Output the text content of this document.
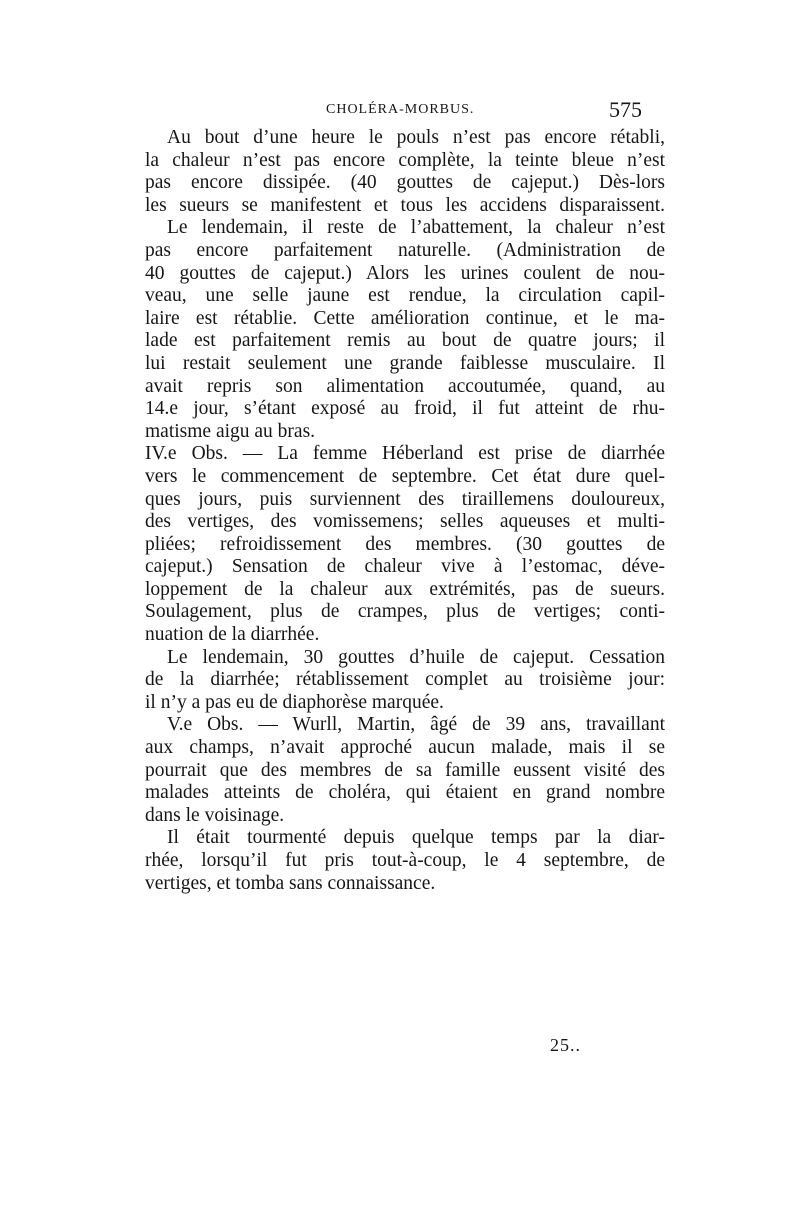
CHOLÉRA-MORBUS.	575
Au bout d’une heure le pouls n’est pas encore rétabli,
la chaleur n’est pas encore complète, la teinte bleue n’est
pas encore dissipée. (40 gouttes de cajeput.) Dès-lors
les sueurs se manifestent et tous les accidens disparaissent.
Le lendemain, il reste de l’abattement, la chaleur n’est
pas encore parfaitement naturelle. (Administration de
40 gouttes de cajeput.) Alors les urines coulent de nou-
veau, une selle jaune est rendue, la circulation capil-
laire est rétablie. Cette amélioration continue, et le ma-
lade est parfaitement remis au bout de quatre jours; il
lui restait seulement une grande faiblesse musculaire. Il
avait repris son alimentation accoutumée, quand, au
14.e jour, s’étant exposé au froid, il fut atteint de rhu-
matisme aigu au bras.
IV.e Obs. — La femme Héberland est prise de diarrhée
vers le commencement de septembre. Cet état dure quel-
ques jours, puis surviennent des tiraillemens douloureux,
des vertiges, des vomissemens; selles aqueuses et multi-
pliées; refroidissement des membres. (30 gouttes de
cajeput.) Sensation de chaleur vive à l’estomac, déve-
loppement de la chaleur aux extrémités, pas de sueurs.
Soulagement, plus de crampes, plus de vertiges; conti-
nuation de la diarrhée.
Le lendemain, 30 gouttes d’huile de cajeput. Cessation
de la diarrhée; rétablissement complet au troisième jour:
il n’y a pas eu de diaphorèse marquée.
V.e Obs. — Wurll, Martin, âgé de 39 ans, travaillant
aux champs, n’avait approché aucun malade, mais il se
pourrait que des membres de sa famille eussent visité des
malades atteints de choléra, qui étaient en grand nombre
dans le voisinage.
Il était tourmenté depuis quelque temps par la diar-
rhée, lorsqu’il fut pris tout-à-coup, le 4 septembre, de
vertiges, et tomba sans connaissance.
25..
